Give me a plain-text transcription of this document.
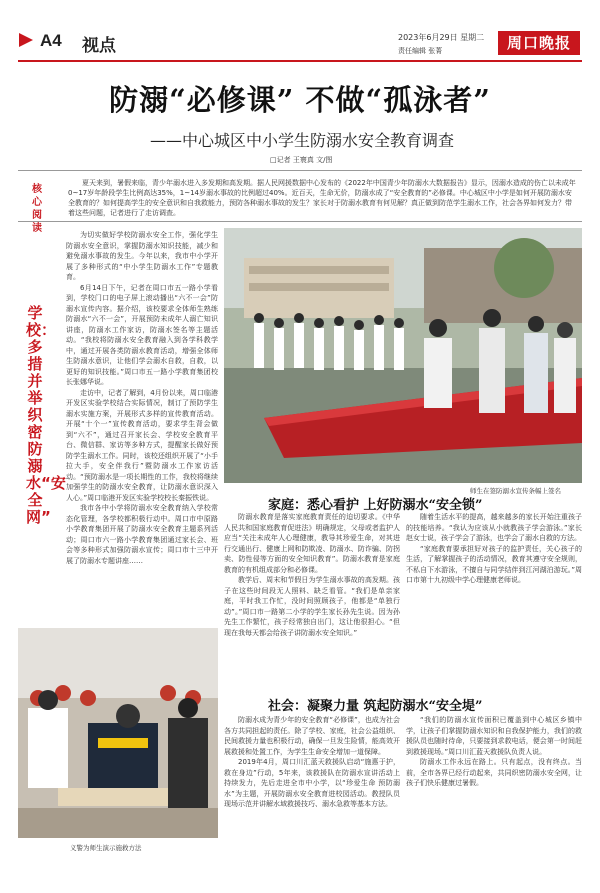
A4 视点	2023年6月29日 星期二
责任编辑 张菁	周口晚报
防溺“必修课” 不做“孤泳者”
——中心城区中小学生防溺水安全教育调查
□记者 王寰真 文/图
核心阅读
夏天来到，暑假来临，青少年溺水进入多发期和高发期。据人民网援数据中心发布的《2022年中国青少年防溺水大数据报告》显示，因溺水造成的伤亡以未成年0~17岁年龄段学生比例高达35%，1~14岁溺水事故的比例超过40%。近百天，生命无价，防溺水成了“安全教育的”必修课。中心城区中小学是如何开展防溺水安全教育的？如何提高学生的安全意识和自我救能力，预防各种溺水事故的发生？家长对于防溺水教育有何见解？真正做到防范学生溺水工作，社会各界如何发力？带着这些问题，记者进行了走访调查。
学校：多措并举 织密防溺水“安全网”

为切实做好学校防溺水安全工作，强化学生防溺水安全意识，掌握防溺水知识技能，减少和避免溺水事故的发生。今年以来，我市中小学开展了多种形式的“中小学生防溺水工作”专题教育。

6月14日下午，记者在周口市五一路小学看到，学校门口的电子屏上滚动播出“六不一会”防溺水宣传内容。据介绍，该校要求全体师生熟练防溺水“六不一会”，开展预防未成年人溺亡知识讲座，防溺水工作家访，防溺水签名等主题活动。“我校将防溺水安全教育融入到各学科教学中，通过开展各类防溺水教育活动，增强全体师生防溺水意识，让他们学会溺水自救，自救，以更好的知识技能。”周口市五一路小学教育集团校长张娜华说。

走访中，记者了解到，4月份以来，周口临港开发区实验学校结合实际情况，制订了预防学生溺水实施方案，开展形式多样的宣传教育活动。开展“十个一”宣传教育活动，要求学生背会做到“六不”，通过召开家长会、学校安全教育平台、微信群、家访等多种方式，提醒家长做好预防学生溺水工作。同时，该校还组织开展了“小手拉大手，安全伴我行”暨防溺水工作家访活动。“预防溺水是一项长期性的工作，我校将继续加强学生的防溺水安全教育，让防溺水意识深入人心。”周口临港开发区实验学校校长秦振铁说。

我市各中小学将防溺水安全教育纳入学校常态化管理，各学校都积极行动中。周口市中原路小学教育集团开展了防溺水安全教育主题系列活动；周口市六一路小学教育集团通过家长会、班会等多种形式加强防溺水宣传；周口市十三中开展了防溺水专题讲座……

师生在签防溺水宣传条幅上签名
家庭：悉心看护 上好防溺水“安全锁”

防溺水教育是落实家庭教育责任的迫切要求。《中华人民共和国家庭教育促进法》明确规定，父母或者监护人应当“关注未成年人心理健康，教导其珍爱生命，对其进行交通出行、健康上网和防欺凌、防溺水、防诈骗、防拐卖、防性侵等方面的安全知识教育”。防溺水教育是家庭教育的有机组成部分和必修课。

教学后、周末和节假日为学生溺水事故的高发期。孩子在这些时间段无人照料、缺乏看管。“我们是单亲家庭，平时我工作忙，没时间照顾孩子，他都是“单独行动”。”周口市一路第二小学的学生家长孙先生说。因为孙先生工作繁忙，孩子经常独自出门，这让他很担心。“但现在我每天都会给孩子讲防溺水安全知识。”

随着生活水平的提高，越来越多的家长开始注重孩子的技能培养。“我认为应该从小就教孩子学会游泳。”家长赵女士说，孩子学会了游泳，也学会了溺水自救的方法。

“家庭教育要承担好对孩子的监护责任，关心孩子的生活，了解掌握孩子的活动情况，教育其遵守安全规则，不私自下水游泳，不擅自与同学结伴到江河湖泊游玩。”周口市第十九初级中学心理健康老师说。

义警为师生演示施救方法
社会：凝聚力量 筑起防溺水“安全堤”

防溺水成为青少年的安全教育“必修课”，也成为社会各方共同担起的责任。除了学校、家庭，社会公益组织、民间救援力量也积极行动，确保一旦发生险情，能高效开展救援和处置工作，为学生生命安全增加一道保障。

2019年4月，周口川汇蓝天救援队启动“施惠于护，救在身边”行动，5年来，该救援队在防溺水宣讲活动上持续发力，先后走进全市中小学，以“珍爱生命 预防溺水”为主题，开展防溺水安全教育进校园活动。教授队员现场示范并讲解水域救援技巧、溺水急救等基本方法。

“我们的防溺水宣传面积已覆盖到中心城区乡镇中学，让孩子们掌握防溺水知识和自我保护能力，我们的救援队员也随时待命，只要接到求救电话，便会第一时间赶到救援现场。”周口川汇蓝天救援队负责人说。

防溺水工作永远在路上。只有起点，没有终点。当前，全市各界已经行动起来，共同织密防溺水安全网，让孩子们快乐健康过暑假。
